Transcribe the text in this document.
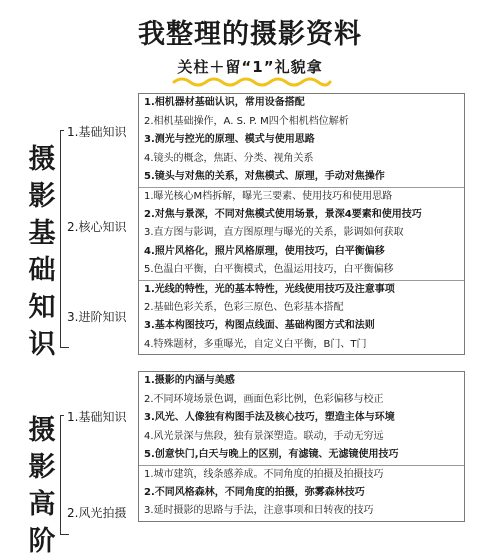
我整理的摄影资料
关柱＋留“1”礼貌拿
摄
影
基
础
知
识
1.基础知识
2.核心知识
3.进阶知识
1.相机器材基础认识，常用设备搭配
2.相机基础操作，A. S. P. M四个相机档位解析
3.测光与控光的原理、模式与使用思路
4.镜头的概念，焦距、分类、视角关系
5.镜头与对焦的关系，对焦模式、原理，手动对焦操作
1.曝光核心M档拆解，曝光三要素、使用技巧和使用思路
2.对焦与景深，不同对焦模式使用场景，景深4要素和使用技巧
3.直方图与影调，直方图原理与曝光的关系，影调如何获取
4.照片风格化，照片风格原理，使用技巧，白平衡偏移
5.色温白平衡，白平衡模式，色温运用技巧，白平衡偏移
1.光线的特性，光的基本特性，光线使用技巧及注意事项
2.基础色彩关系，色彩三原色、色彩基本搭配
3.基本构图技巧，构图点线面、基础构图方式和法则
4.特殊题材，多重曝光，自定义白平衡，B门、T门
摄
影
高
阶
1.基础知识
2.风光拍摄
1.摄影的内涵与美感
2.不同环境场景色调，画面色彩比例，色彩偏移与校正
3.风光、人像独有构图手法及核心技巧，塑造主体与环境
4.风光景深与焦段，独有景深塑造。联动，手动无穷远
5.创意快门,白天与晚上的区别，有滤镜、无滤镜使用技巧
1.城市建筑，线条感养成。不同角度的拍摄及拍摄技巧
2.不同风格森林，不同角度的拍摄，弥雾森林技巧
3.延时摄影的思路与手法，注意事项和日转夜的技巧
